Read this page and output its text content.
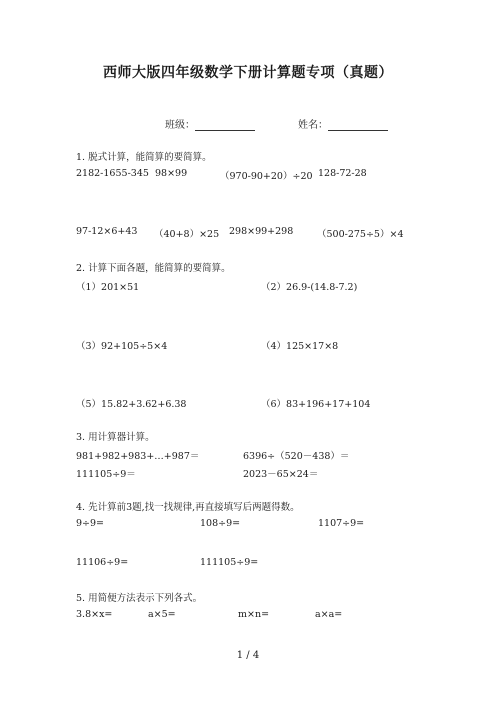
西师大版四年级数学下册计算题专项（真题）
班级：	姓名：
1. 脱式计算，能简算的要简算。
2182-1655-345 98×99	（970-90+20）÷20 128-72-28
97-12×6+43 （40+8）×25 298×99+298 （500-275÷5）×4
2. 计算下面各题，能简算的要简算。
（1）201×51	（2）26.9-(14.8-7.2)
（3）92+105÷5×4	（4）125×17×8
（5）15.82+3.62+6.38	（6）83+196+17+104
3. 用计算器计算。
981+982+983+…+987＝	6396÷（520－438）＝
111105÷9＝	2023－65×24＝
4. 先计算前3题,找一找规律,再直接填写后两题得数。
9÷9=	108÷9=	1107÷9=
11106÷9=	111105÷9=
5. 用简便方法表示下列各式。
3.8×x=	a×5=	m×n=	a×a=
1 / 4
